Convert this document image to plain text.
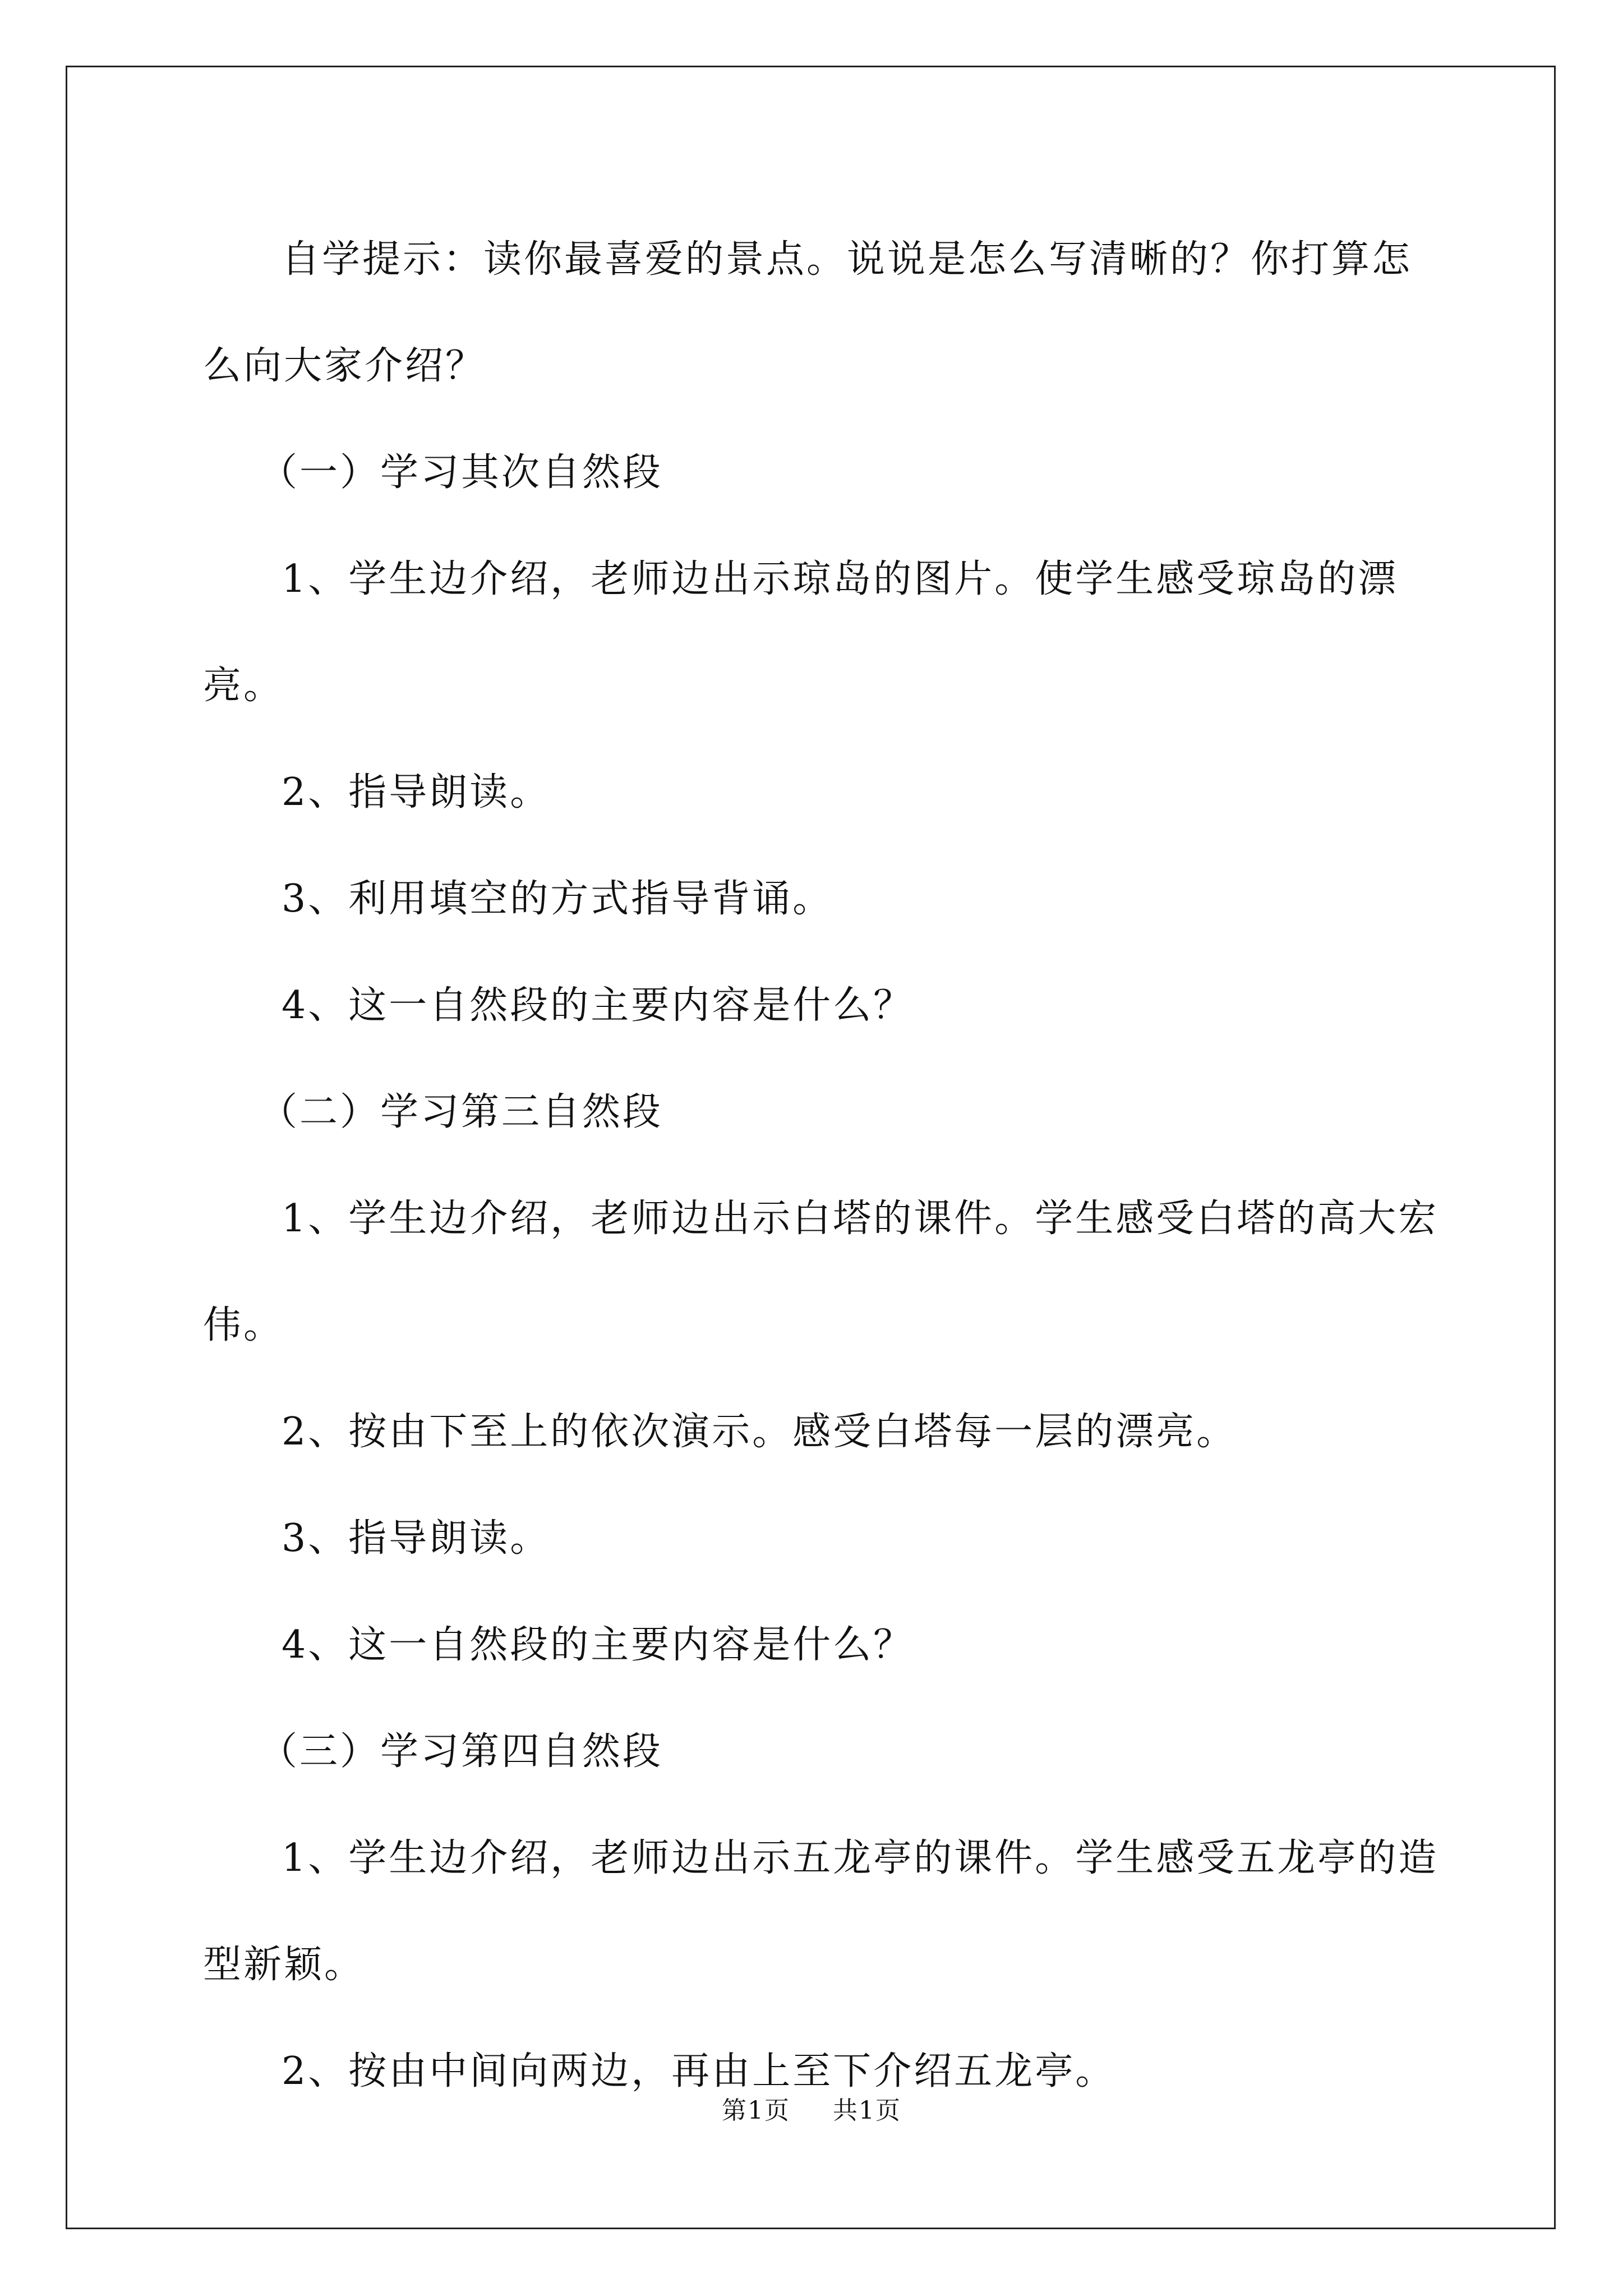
自学提示：读你最喜爱的景点。说说是怎么写清晰的？你打算怎么向大家介绍？

（一）学习其次自然段

1、学生边介绍，老师边出示琼岛的图片。使学生感受琼岛的漂亮。

2、指导朗读。

3、利用填空的方式指导背诵。

4、这一自然段的主要内容是什么？

（二）学习第三自然段

1、学生边介绍，老师边出示白塔的课件。学生感受白塔的高大宏伟。

2、按由下至上的依次演示。感受白塔每一层的漂亮。

3、指导朗读。

4、这一自然段的主要内容是什么？

（三）学习第四自然段

1、学生边介绍，老师边出示五龙亭的课件。学生感受五龙亭的造型新颖。

2、按由中间向两边，再由上至下介绍五龙亭。

第1页 共1页
